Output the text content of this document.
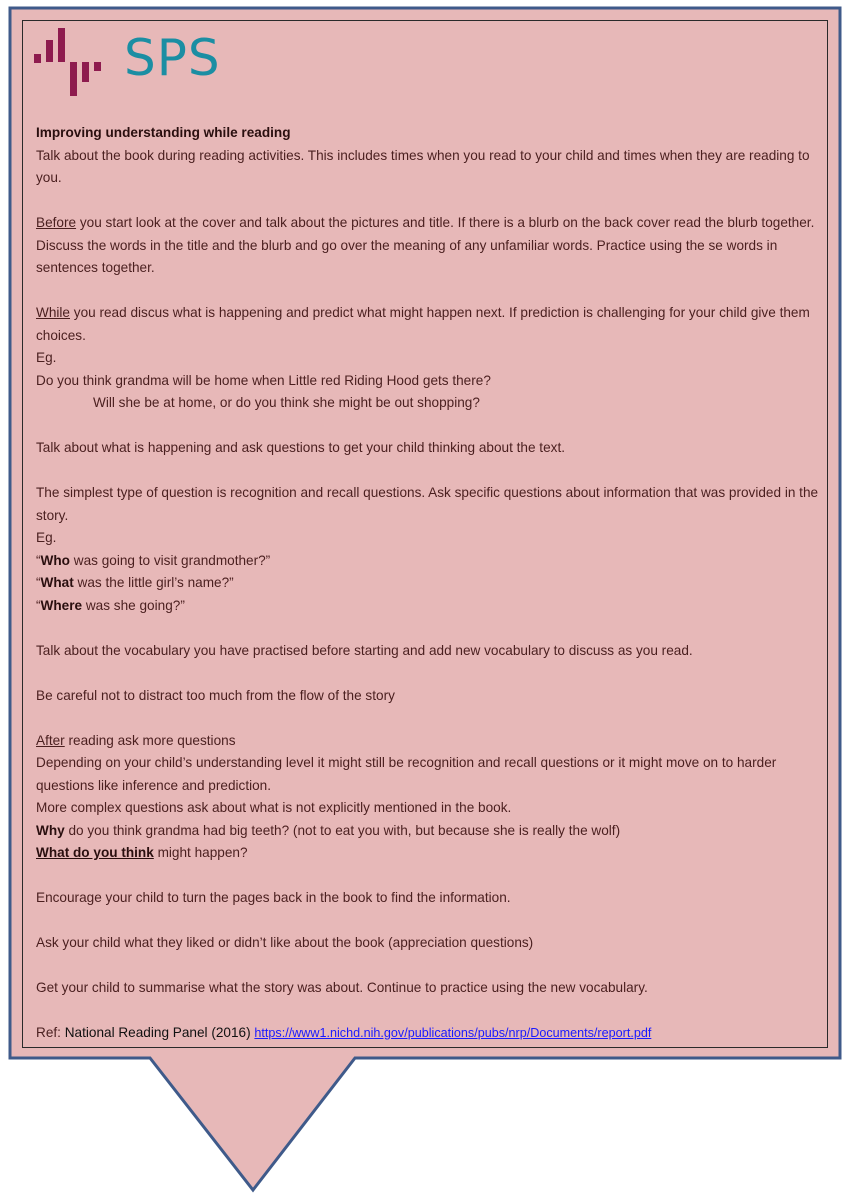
SPS

Improving understanding while reading

Talk about the book during reading activities. This includes times when you read to your child and times when they are reading to you.

Before you start look at the cover and talk about the pictures and title. If there is a blurb on the back cover read the blurb together. Discuss the words in the title and the blurb and go over the meaning of any unfamiliar words. Practice using the se words in sentences together.

While you read discus what is happening and predict what might happen next. If prediction is challenging for your child give them choices.

Eg.

Do you think grandma will be home when Little red Riding Hood gets there?

Will she be at home, or do you think she might be out shopping?

Talk about what is happening and ask questions to get your child thinking about the text.

The simplest type of question is recognition and recall questions. Ask specific questions about information that was provided in the story.

Eg.

“Who was going to visit grandmother?”

“What was the little girl’s name?”

“Where was she going?”

Talk about the vocabulary you have practised before starting and add new vocabulary to discuss as you read.

Be careful not to distract too much from the flow of the story

After reading ask more questions

Depending on your child’s understanding level it might still be recognition and recall questions or it might move on to harder questions like inference and prediction.

More complex questions ask about what is not explicitly mentioned in the book.

Why do you think grandma had big teeth? (not to eat you with, but because she is really the wolf)

What do you think might happen?

Encourage your child to turn the pages back in the book to find the information.

Ask your child what they liked or didn’t like about the book (appreciation questions)

Get your child to summarise what the story was about. Continue to practice using the new vocabulary.

Ref: National Reading Panel (2016) https://www1.nichd.nih.gov/publications/pubs/nrp/Documents/report.pdf
